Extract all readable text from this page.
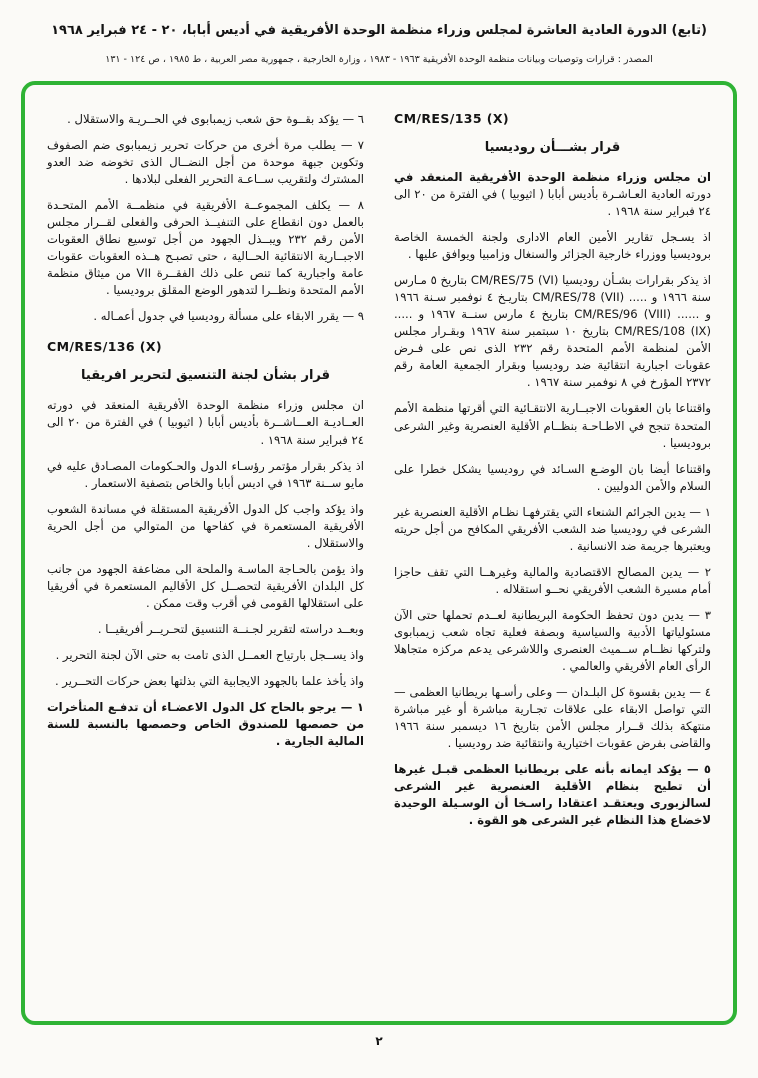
(تابع) الدورة العادية العاشرة لمجلس وزراء منظمة الوحدة الأفريقية في أديس أبابا، ٢٠ - ٢٤ فبراير ١٩٦٨
المصدر : قرارات وتوصيات وبيانات منظمة الوحدة الأفريقية ١٩٦٣ - ١٩٨٣ ، وزارة الخارجية ، جمهورية مصر العربية ، ط ١٩٨٥ ، ص ١٢٤ - ١٣١
CM/RES/135 (X)
قرار بشـــأن روديسيا

ان مجلس وزراء منظمة الوحدة الأفريقية المنعقد في دورته العادية العـاشـرة بأديس أبابا ( اثيوبيا ) في الفترة من ٢٠ الى ٢٤ فبراير سنة ١٩٦٨ .

اذ يسـجل تقارير الأمين العام الادارى ولجنة الخمسة الخاصة بروديسيا ووزراء خارجية الجزائر والسنغال وزامبيا ويوافق عليها .

اذ يذكر بقرارات بشـأن روديسيا CM/RES/75 (VI) بتاريخ ٥ مـارس سنة ١٩٦٦ و ..... CM/RES/78 (VII) بتاريـخ ٤ نوفمبر سـنة ١٩٦٦ و ...... CM/RES/96 (VIII) بتاريخ ٤ مارس سنــة ١٩٦٧ و ..... CM/RES/108 (IX) بتاريخ ١٠ سبتمبر سنة ١٩٦٧ وبقـرار مجلس الأمن لمنظمة الأمم المتحدة رقم ٢٣٢ الذى نص على فـرض عقوبات اجبارية انتقائية ضد روديسيا وبقرار الجمعية العامة رقم ٢٣٧٢ المؤرخ في ٨ نوفمبر سنة ١٩٦٧ .

واقتناعا بان العقوبات الاجبــارية الانتقـائية التي أقرتها منظمة الأمم المتحدة تنجح في الاطـاحـة بنظــام الأقلية العنصرية وغير الشرعى بروديسيا .

واقتناعا أيضا بان الوضـع السـائد في روديسيا يشكل خطرا على السلام والأمن الدوليين .

١ — يدين الجرائم الشنعاء التي يقترفهـا نظـام الأقلية العنصرية غير الشرعى في روديسيا ضد الشعب الأفريقي المكافح من أجل حريته ويعتبرها جريمة ضد الانسانية .

٢ — يدين المصالح الاقتصادية والمالية وغيرهــا التي تقف حاجزا أمام مسيرة الشعب الأفريقي نحــو استقلاله .

٣ — يدين دون تحفظ الحكومة البريطانية لعــدم تحملها حتى الآن مسئولياتها الأدبية والسياسية وبصفة فعلية تجاه شعب زيمبابوى ولتركها نظــام ســميث العنصرى واللاشرعى يدعم مركزه متجاهلا الرأى العام الأفريقي والعالمي .

٤ — يدين بقسوة كل البلـدان — وعلى رأسـها بريطانيا العظمى — التي تواصل الابقاء على علاقات تجـارية مباشرة أو غير مباشرة منتهكة بذلك قــرار مجلس الأمن بتاريخ ١٦ ديسمبر سنة ١٩٦٦ والقاضى بفرض عقوبات اختيارية وانتقائية ضد روديسيا .

٥ — يؤكد ايمانه بأنه على بريطانيا العظمى قبـل غيرها أن تطيح بنظام الأقلية العنصرية غير الشرعى لسالزبورى ويعتقـد اعتقادا راسـخا أن الوسـيلة الوحيدة لاخضاع هذا النظام غير الشرعى هو القوة .

٦ — يؤكد بقــوة حق شعب زيمبابوى في الحــريـة والاستقلال .

٧ — يطلب مرة أخرى من حركات تحرير زيمبابوى ضم الصفوف وتكوين جبهة موحدة من أجل النضــال الذى تخوضه ضد العدو المشترك ولتقريب ســاعـة التحرير الفعلى لبلادها .

٨ — يكلف المجموعــة الأفريقية في منظمــة الأمم المتحـدة بالعمل دون انقطاع على التنفيــذ الحرفى والفعلى لقــرار مجلس الأمن رقم ٢٣٢ ويبــذل الجهود من أجل توسيع نطاق العقوبات الاجبــارية الانتقائية الحــالية ، حتى تصبـح هــذه العقوبات عقوبات عامة واجبارية كما تنص على ذلك الفقــرة VII من ميثاق منظمة الأمم المتحدة ونظــرا لتدهور الوضع المقلق بروديسيا .

٩ — يقرر الابقاء على مسألة روديسيا في جدول أعمـاله .

CM/RES/136 (X)
قرار بشأن لجنة التنسيق لتحرير افريقيا

ان مجلس وزراء منظمة الوحدة الأفريقية المنعقد في دورته العــاديـة العـــاشــرة بأديس أبابا ( اثيوبيا ) في الفترة من ٢٠ الى ٢٤ فبراير سنة ١٩٦٨ .

اذ يذكر بقرار مؤتمر رؤسـاء الدول والحـكومات المصـادق عليه في مايو ســنة ١٩٦٣ في اديس أبابا والخاص بتصفية الاستعمار .

واذ يؤكد واجب كل الدول الأفريقية المستقلة في مساندة الشعوب الأفريقية المستعمرة في كفاحها من المتوالي من أجل الحرية والاستقلال .

واذ يؤمن بالحـاجة الماسـة والملحة الى مضاعفة الجهود من جانب كل البلدان الأفريقية لتحصــل كل الأقاليم المستعمرة في أفريقيا على استقلالها القومى في أقرب وقت ممكن .

وبعــد دراسته لتقرير لجـنــة التنسيق لتحـريــر أفريقيــا .

واذ يســجل بارتياح العمــل الذى تامت به حتى الآن لجنة التحرير .

واذ يأخذ علما بالجهود الايجابية التي بذلتها بعض حركات التحــرير .

١ — يرجو بالحاح كل الدول الاعضـاء أن تدفـع المتأخرات من حصصها للصندوق الخاص وحصصها بالنسبة للسنة المالية الجارية .

٢
